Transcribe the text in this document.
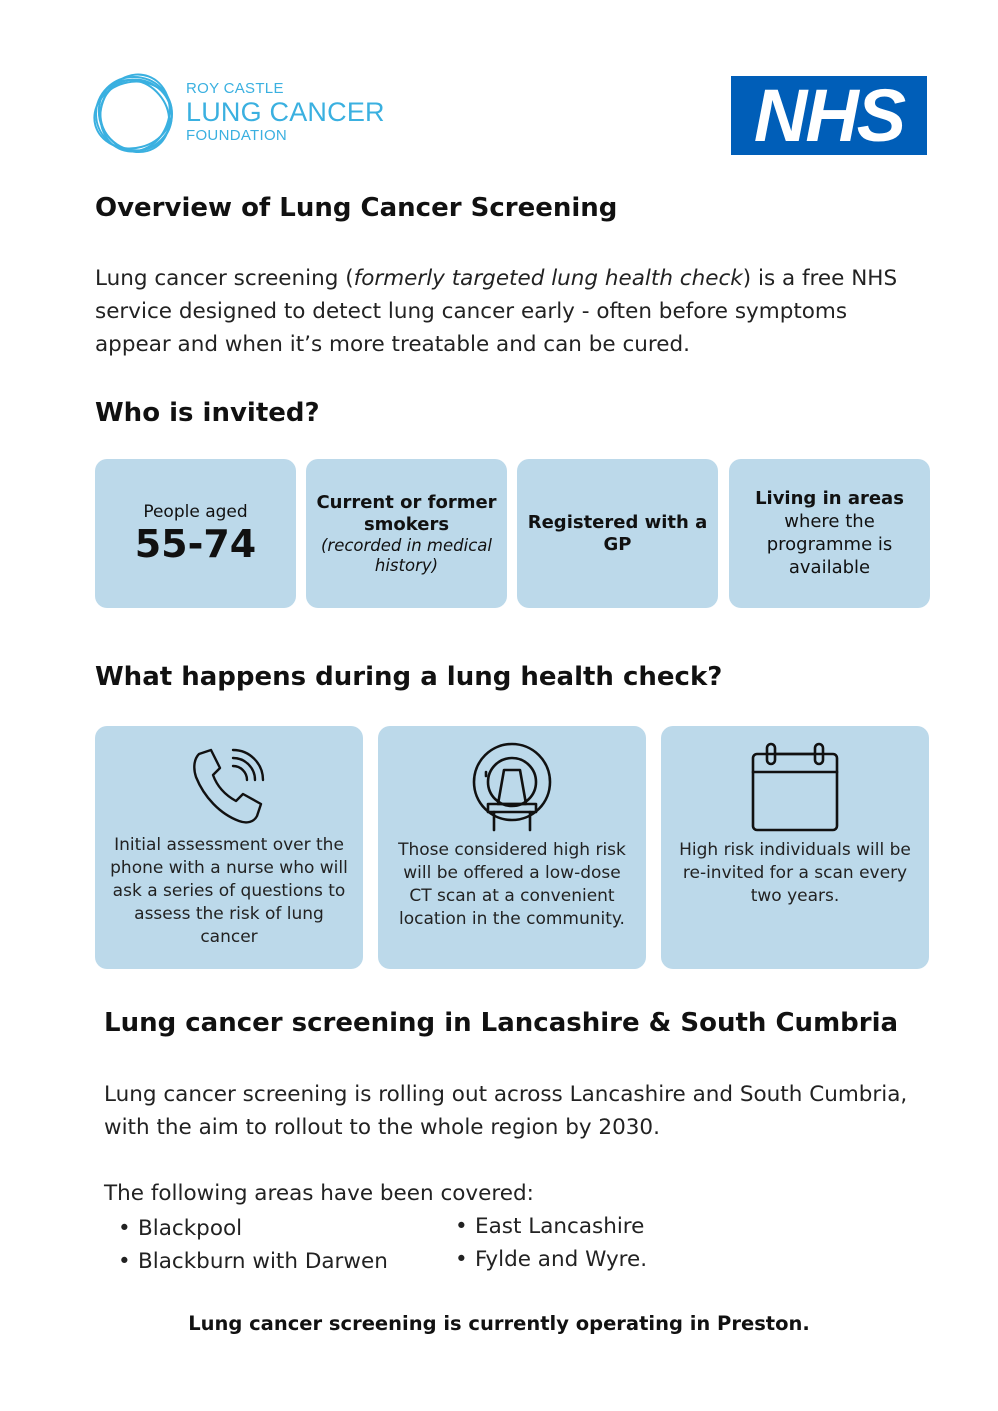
ROY CASTLE
LUNG CANCER
FOUNDATION	NHS
Overview of Lung Cancer Screening

Lung cancer screening (formerly targeted lung health check) is a free NHS service designed to detect lung cancer early - often before symptoms appear and when it’s more treatable and can be cured.

Who is invited?
People aged
55-74
Current or former smokers
(recorded in medical history)
Registered with a GP
Living in areas
where the programme is available
What happens during a lung health check?
Initial assessment over the phone with a nurse who will ask a series of questions to assess the risk of lung cancer
Those considered high risk will be offered a low-dose CT scan at a convenient location in the community.
High risk individuals will be re-invited for a scan every two years.
Lung cancer screening in Lancashire & South Cumbria

Lung cancer screening is rolling out across Lancashire and South Cumbria, with the aim to rollout to the whole region by 2030.

The following areas have been covered:

• Blackpool
• Blackburn with Darwen
• East Lancashire
• Fylde and Wyre.
Lung cancer screening is currently operating in Preston.
